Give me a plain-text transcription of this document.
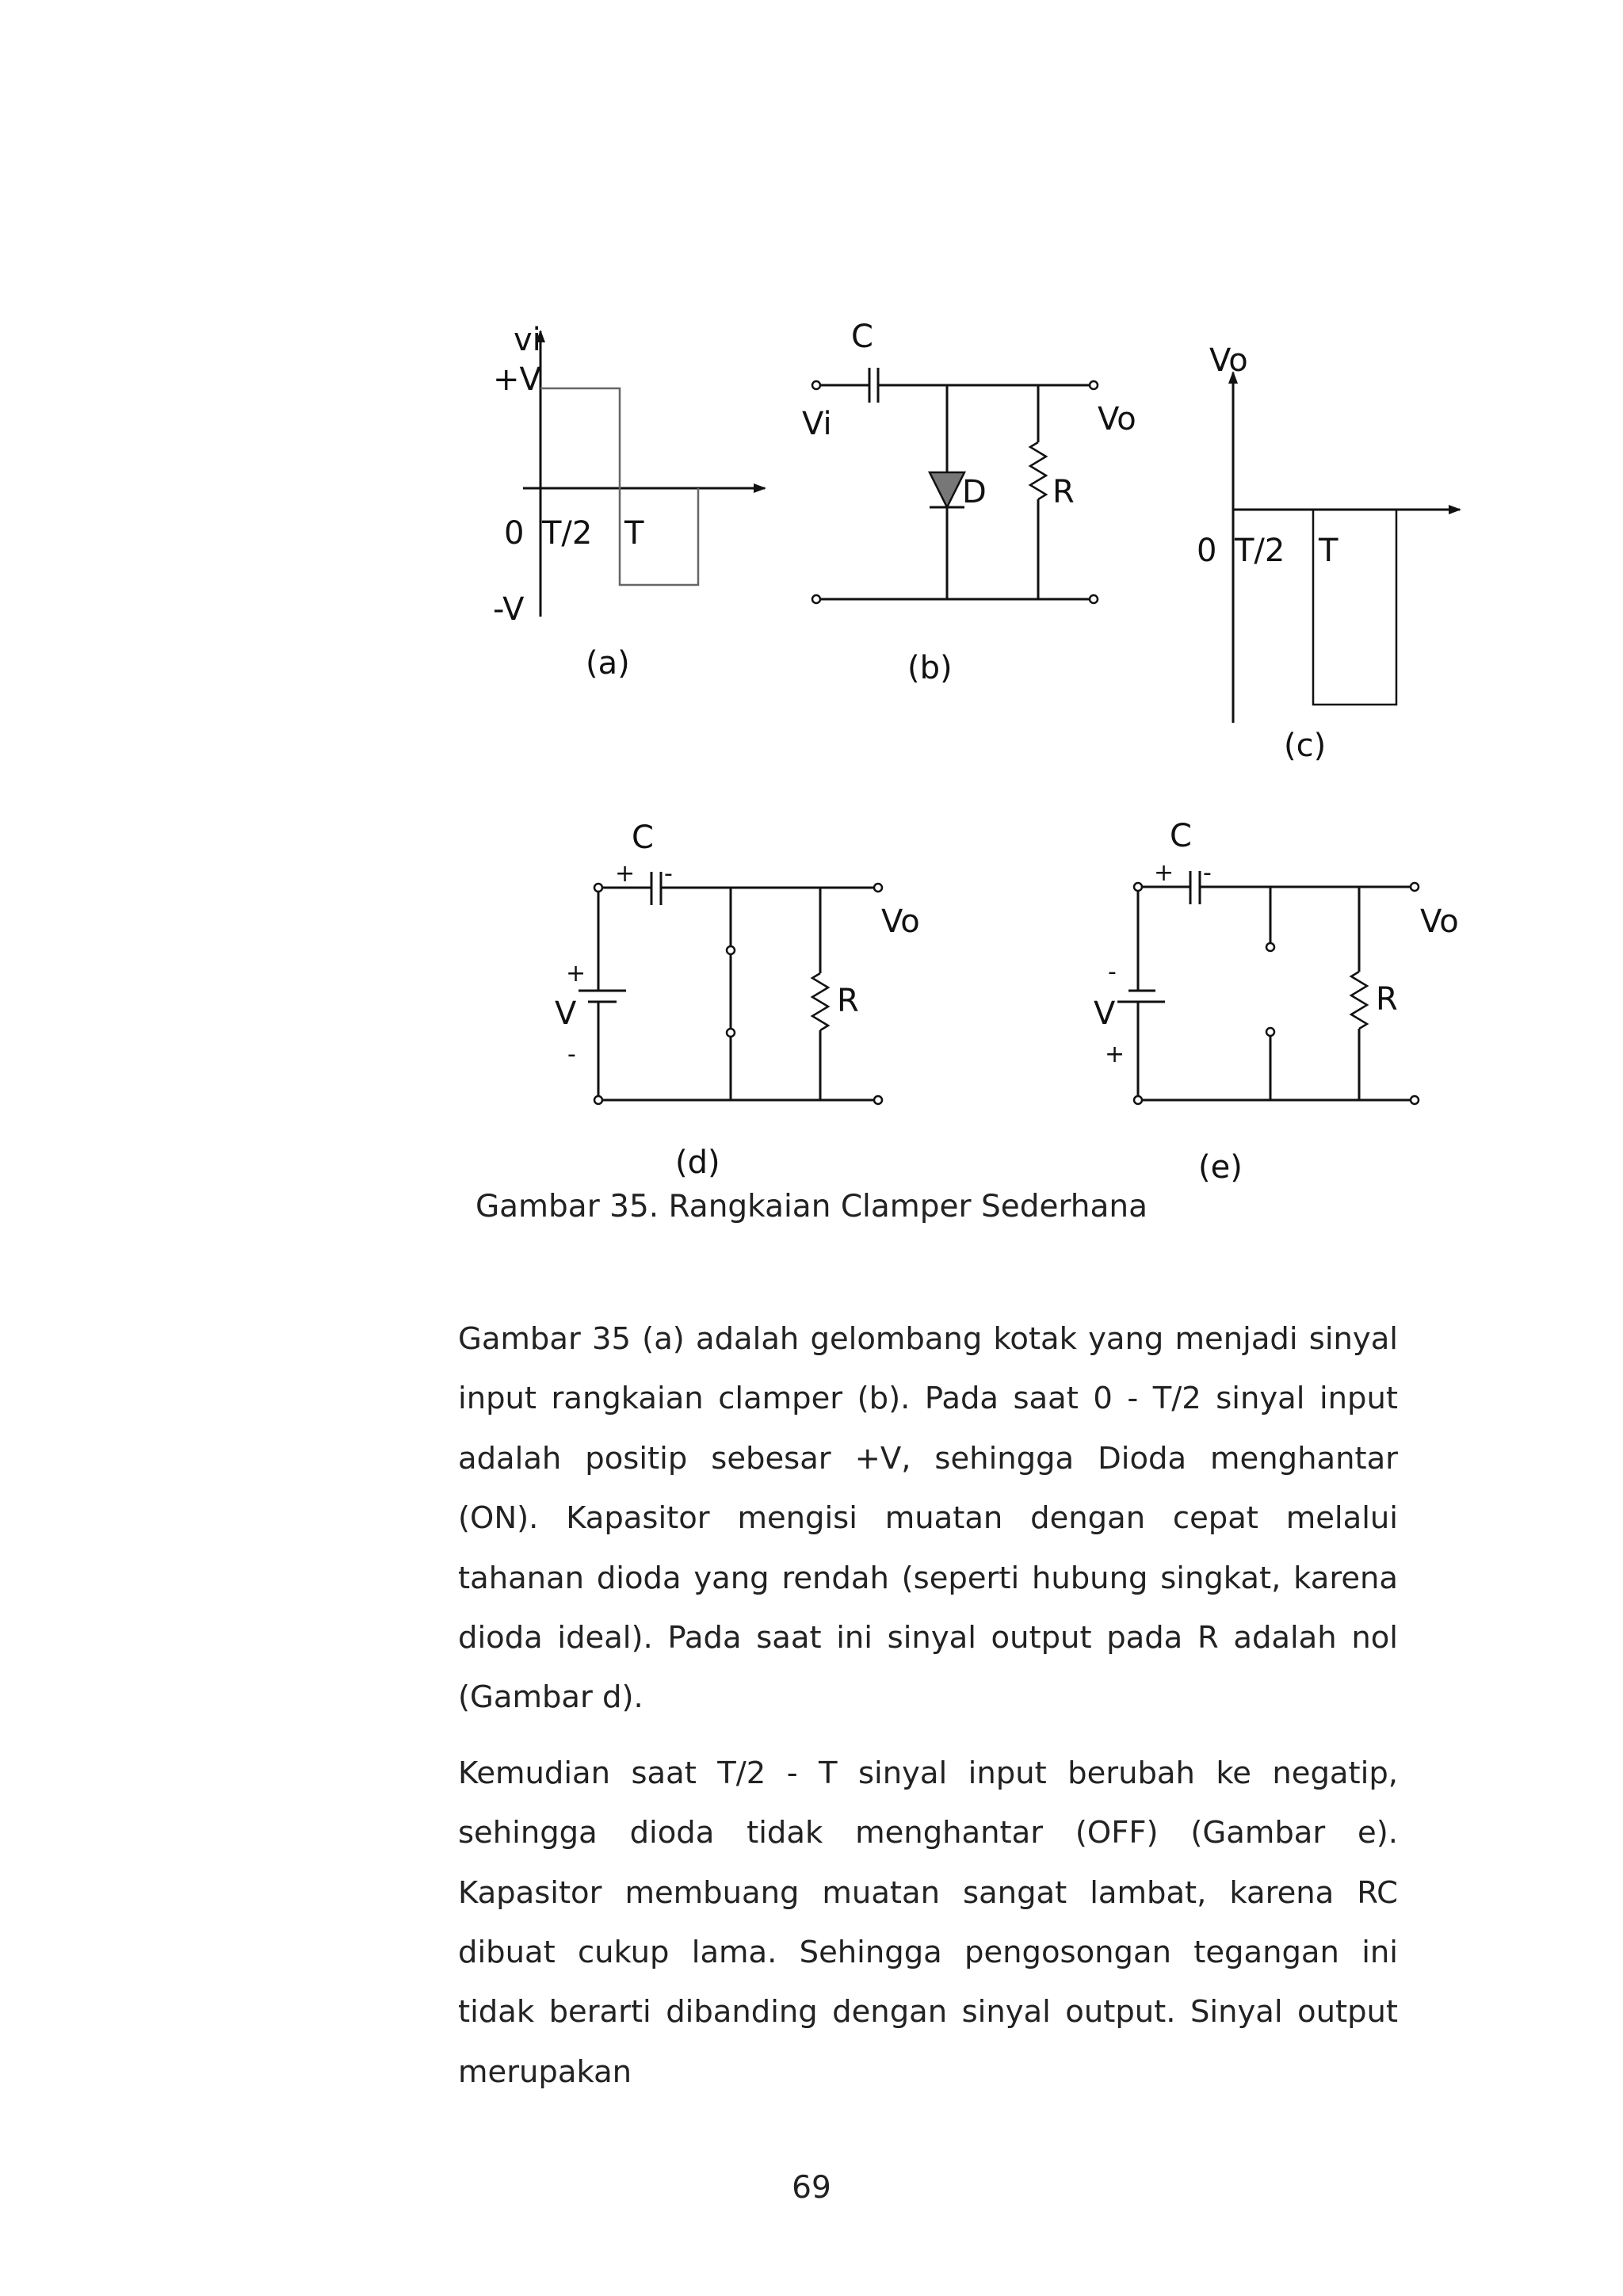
vi
+V
0 T/2 T
-V
(a)
C
Vi	Vo
D R
(b)
Vo
0 T/2 T
(c)
C
+ -
Vo
+
V
-
R
(d)
C
+ -
Vo
-
V
+
R
(e)
Gambar 35. Rangkaian Clamper Sederhana

Gambar 35 (a) adalah gelombang kotak yang menjadi sinyal input rangkaian clamper (b). Pada saat 0 - T/2 sinyal input adalah positip sebesar +V, sehingga Dioda menghantar (ON). Kapasitor mengisi muatan dengan cepat melalui tahanan dioda yang rendah (seperti hubung singkat, karena dioda ideal). Pada saat ini sinyal output pada R adalah nol (Gambar d).

Kemudian saat T/2 - T sinyal input berubah ke negatip, sehingga dioda tidak menghantar (OFF) (Gambar e). Kapasitor membuang muatan sangat lambat, karena RC dibuat cukup lama. Sehingga pengosongan tegangan ini tidak berarti dibanding dengan sinyal output. Sinyal output merupakan

69
